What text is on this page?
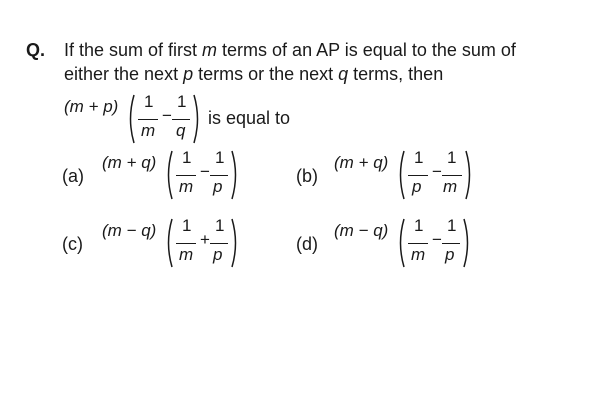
Q. If the sum of first m terms of an AP is equal to the sum of
either the next p terms or the next q terms, then
(m + p) 1
m
−
1
q
is equal to
(a)
(m + q) 1
m
−
1
p
(b)
(m + q) 1
p
−
1
m
(c)
(m − q) 1
m
+
1
p
(d)
(m − q) 1
m
−
1
p
